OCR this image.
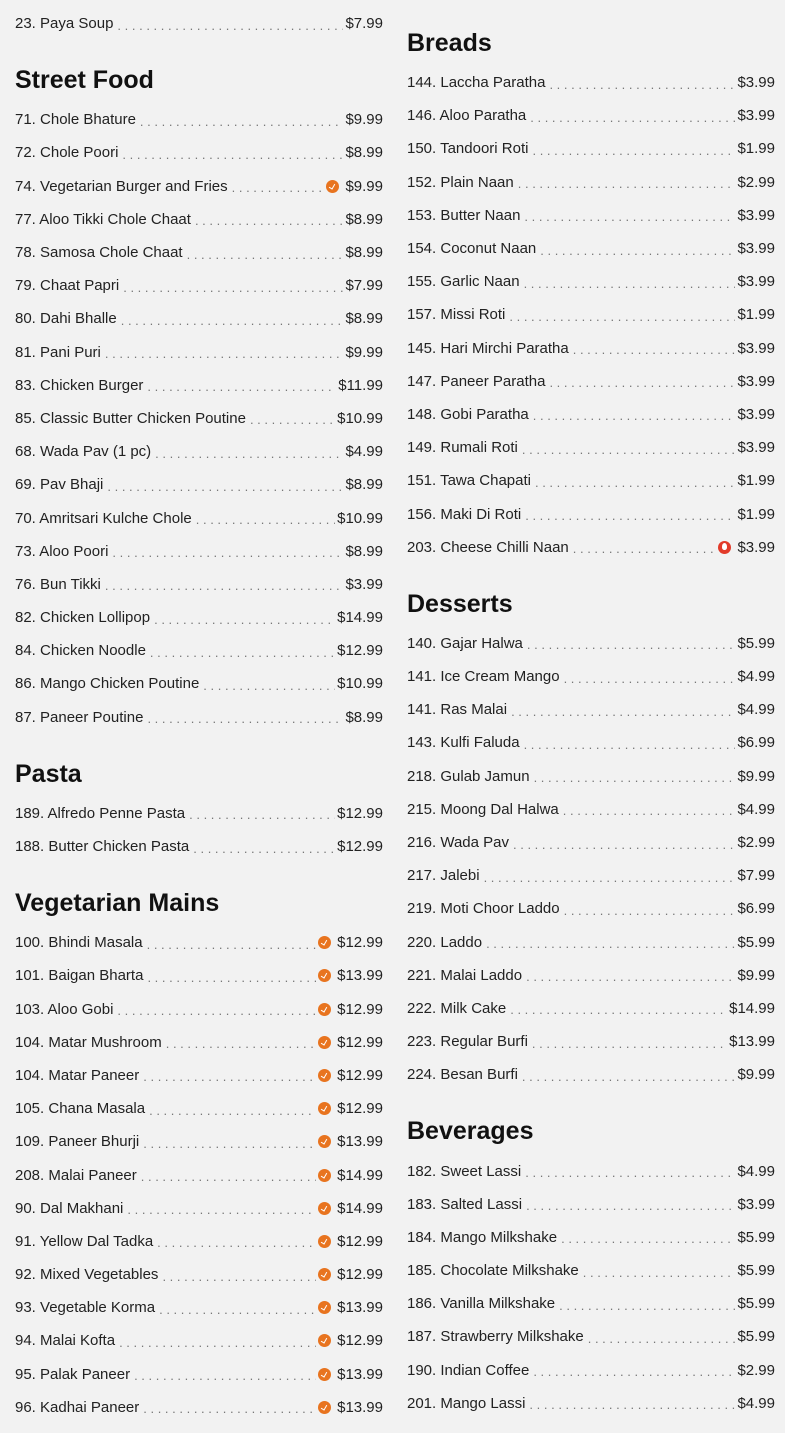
23. Paya Soup . . .	$7.99
Street Food
71. Chole Bhature . . .	$9.99
72. Chole Poori . . .	$8.99
74. Vegetarian Burger and Fries . . .	$9.99
77. Aloo Tikki Chole Chaat . . .	$8.99
78. Samosa Chole Chaat . . .	$8.99
79. Chaat Papri . . .	$7.99
80. Dahi Bhalle . . .	$8.99
81. Pani Puri . . .	$9.99
83. Chicken Burger . . .	$11.99
85. Classic Butter Chicken Poutine . . .	$10.99
68. Wada Pav (1 pc) . . .	$4.99
69. Pav Bhaji . . .	$8.99
70. Amritsari Kulche Chole . . .	$10.99
73. Aloo Poori . . .	$8.99
76. Bun Tikki . . .	$3.99
82. Chicken Lollipop . . .	$14.99
84. Chicken Noodle . . .	$12.99
86. Mango Chicken Poutine . . .	$10.99
87. Paneer Poutine . . .	$8.99
Pasta
189. Alfredo Penne Pasta . . .	$12.99
188. Butter Chicken Pasta . . .	$12.99
Vegetarian Mains
100. Bhindi Masala . . .	$12.99
101. Baigan Bharta . . .	$13.99
103. Aloo Gobi . . .	$12.99
104. Matar Mushroom . . .	$12.99
104. Matar Paneer . . .	$12.99
105. Chana Masala . . .	$12.99
109. Paneer Bhurji . . .	$13.99
208. Malai Paneer . . .	$14.99
90. Dal Makhani . . .	$14.99
91. Yellow Dal Tadka . . .	$12.99
92. Mixed Vegetables . . .	$12.99
93. Vegetable Korma . . .	$13.99
94. Malai Kofta . . .	$12.99
95. Palak Paneer . . .	$13.99
96. Kadhai Paneer . . .	$13.99
Breads
144. Laccha Paratha . . .	$3.99
146. Aloo Paratha . . .	$3.99
150. Tandoori Roti . . .	$1.99
152. Plain Naan . . .	$2.99
153. Butter Naan . . .	$3.99
154. Coconut Naan . . .	$3.99
155. Garlic Naan . . .	$3.99
157. Missi Roti . . .	$1.99
145. Hari Mirchi Paratha . . .	$3.99
147. Paneer Paratha . . .	$3.99
148. Gobi Paratha . . .	$3.99
149. Rumali Roti . . .	$3.99
151. Tawa Chapati . . .	$1.99
156. Maki Di Roti . . .	$1.99
203. Cheese Chilli Naan . . .	$3.99
Desserts
140. Gajar Halwa . . .	$5.99
141. Ice Cream Mango . . .	$4.99
141. Ras Malai . . .	$4.99
143. Kulfi Faluda . . .	$6.99
218. Gulab Jamun . . .	$9.99
215. Moong Dal Halwa . . .	$4.99
216. Wada Pav . . .	$2.99
217. Jalebi . . .	$7.99
219. Moti Choor Laddo . . .	$6.99
220. Laddo . . .	$5.99
221. Malai Laddo . . .	$9.99
222. Milk Cake . . .	$14.99
223. Regular Burfi . . .	$13.99
224. Besan Burfi . . .	$9.99
Beverages
182. Sweet Lassi . . .	$4.99
183. Salted Lassi . . .	$3.99
184. Mango Milkshake . . .	$5.99
185. Chocolate Milkshake . . .	$5.99
186. Vanilla Milkshake . . .	$5.99
187. Strawberry Milkshake . . .	$5.99
190. Indian Coffee . . .	$2.99
201. Mango Lassi . . .	$4.99
